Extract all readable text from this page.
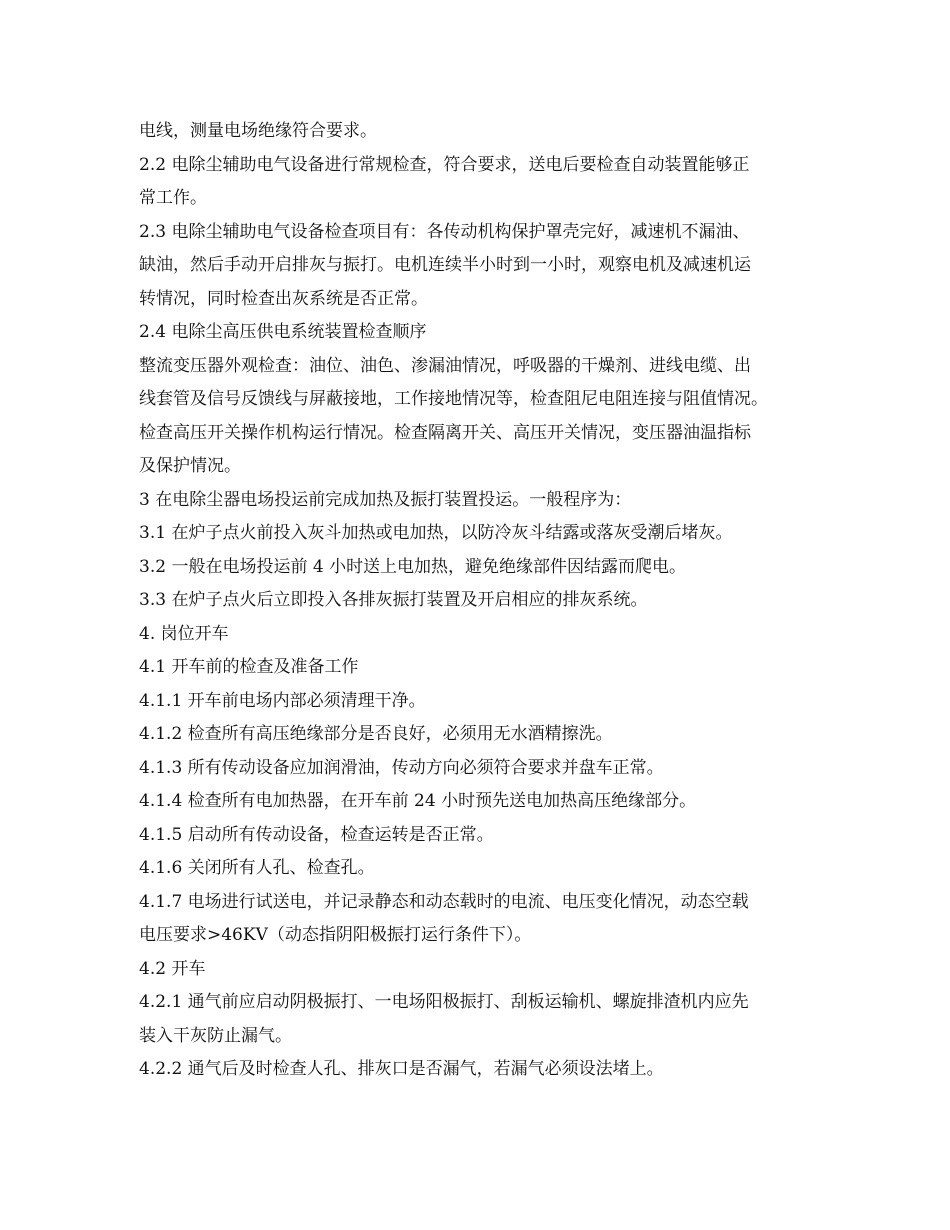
电线，测量电场绝缘符合要求。
2.2 电除尘辅助电气设备进行常规检查，符合要求，送电后要检查自动装置能够正
常工作。
2.3 电除尘辅助电气设备检查项目有：各传动机构保护罩壳完好，减速机不漏油、
缺油，然后手动开启排灰与振打。电机连续半小时到一小时，观察电机及减速机运
转情况，同时检查出灰系统是否正常。
2.4 电除尘高压供电系统装置检查顺序
整流变压器外观检查：油位、油色、渗漏油情况，呼吸器的干燥剂、进线电缆、出
线套管及信号反馈线与屏蔽接地，工作接地情况等，检查阻尼电阻连接与阻值情况。
检查高压开关操作机构运行情况。检查隔离开关、高压开关情况，变压器油温指标
及保护情况。
3 在电除尘器电场投运前完成加热及振打装置投运。一般程序为：
3.1 在炉子点火前投入灰斗加热或电加热，以防冷灰斗结露或落灰受潮后堵灰。
3.2 一般在电场投运前 4 小时送上电加热，避免绝缘部件因结露而爬电。
3.3 在炉子点火后立即投入各排灰振打装置及开启相应的排灰系统。
4. 岗位开车
4.1 开车前的检查及准备工作
4.1.1 开车前电场内部必须清理干净。
4.1.2 检查所有高压绝缘部分是否良好，必须用无水酒精擦洗。
4.1.3 所有传动设备应加润滑油，传动方向必须符合要求并盘车正常。
4.1.4 检查所有电加热器，在开车前 24 小时预先送电加热高压绝缘部分。
4.1.5 启动所有传动设备，检查运转是否正常。
4.1.6 关闭所有人孔、检查孔。
4.1.7 电场进行试送电，并记录静态和动态载时的电流、电压变化情况，动态空载
电压要求>46KV（动态指阴阳极振打运行条件下）。
4.2 开车
4.2.1 通气前应启动阴极振打、一电场阳极振打、刮板运输机、螺旋排渣机内应先
装入干灰防止漏气。
4.2.2 通气后及时检查人孔、排灰口是否漏气，若漏气必须设法堵上。
